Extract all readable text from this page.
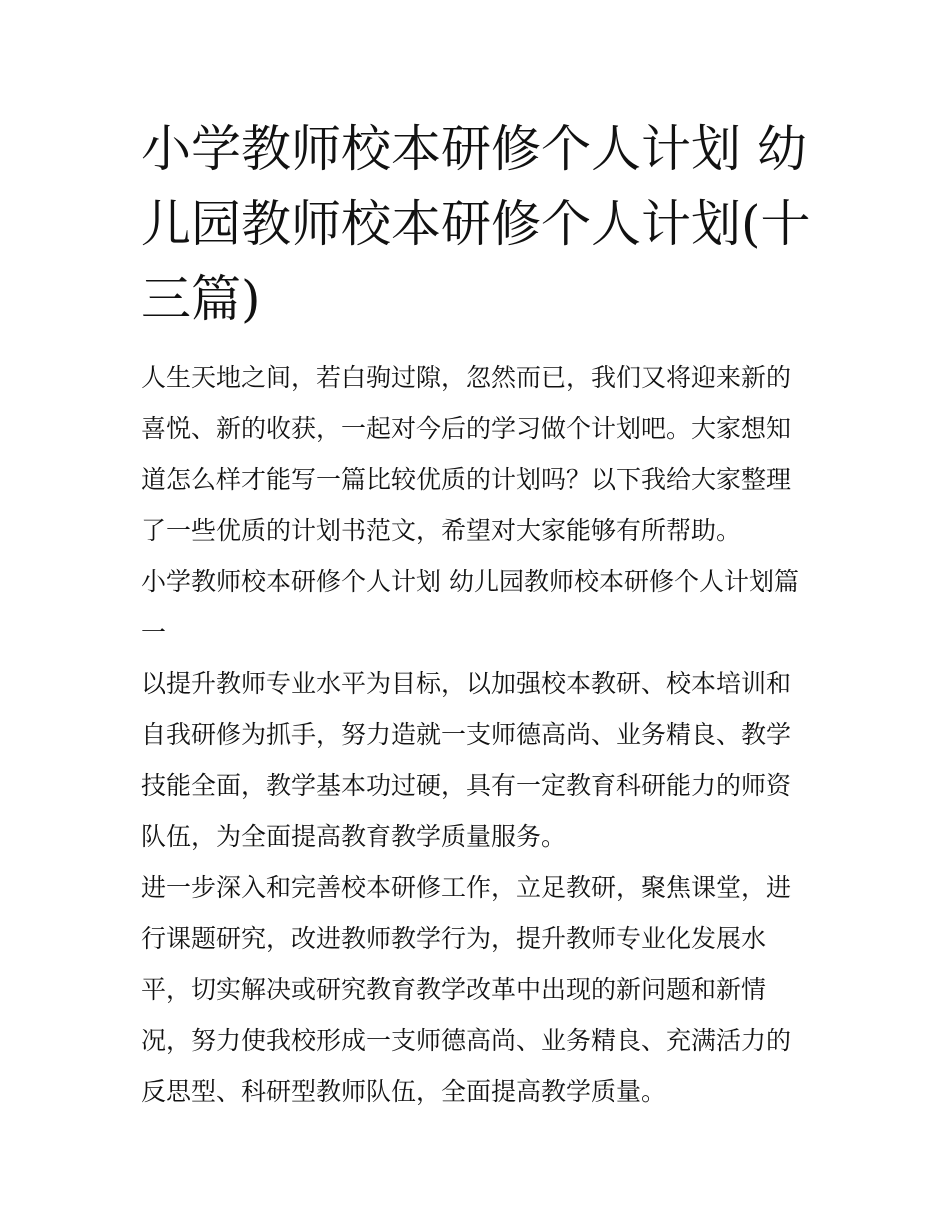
小学教师校本研修个人计划 幼儿园教师校本研修个人计划(十三篇)

人生天地之间，若白驹过隙，忽然而已，我们又将迎来新的喜悦、新的收获，一起对今后的学习做个计划吧。大家想知道怎么样才能写一篇比较优质的计划吗？以下我给大家整理了一些优质的计划书范文，希望对大家能够有所帮助。

小学教师校本研修个人计划 幼儿园教师校本研修个人计划篇一

以提升教师专业水平为目标，以加强校本教研、校本培训和自我研修为抓手，努力造就一支师德高尚、业务精良、教学技能全面，教学基本功过硬，具有一定教育科研能力的师资队伍，为全面提高教育教学质量服务。

进一步深入和完善校本研修工作，立足教研，聚焦课堂，进行课题研究，改进教师教学行为，提升教师专业化发展水平，切实解决或研究教育教学改革中出现的新问题和新情况，努力使我校形成一支师德高尚、业务精良、充满活力的反思型、科研型教师队伍，全面提高教学质量。
